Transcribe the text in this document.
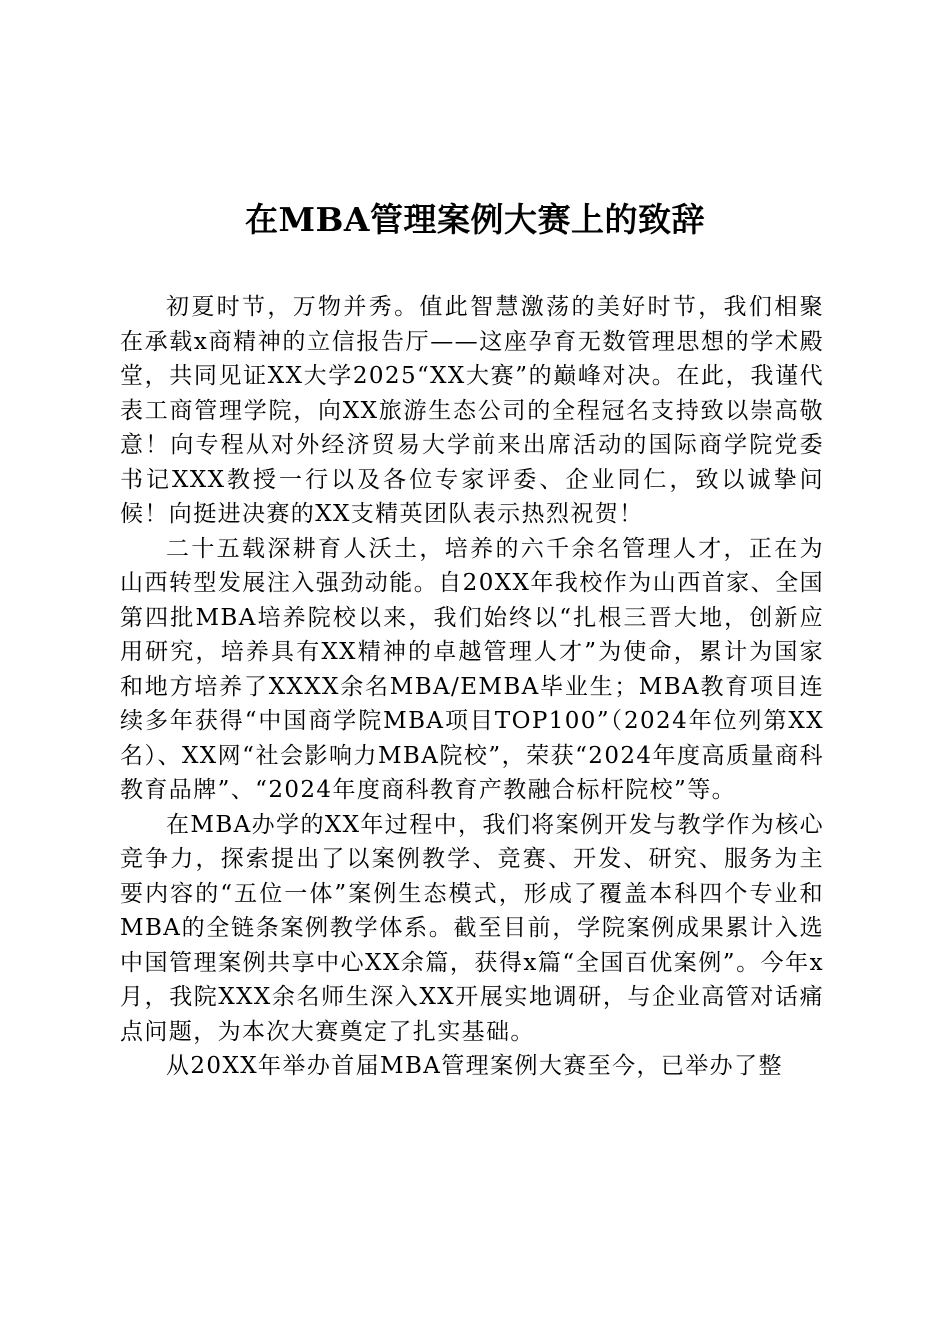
在MBA管理案例大赛上的致辞

初夏时节，万物并秀。值此智慧激荡的美好时节，我们相聚在承载x商精神的立信报告厅——这座孕育无数管理思想的学术殿堂，共同见证XX大学2025“XX大赛”的巅峰对决。在此，我谨代表工商管理学院，向XX旅游生态公司的全程冠名支持致以崇高敬意！向专程从对外经济贸易大学前来出席活动的国际商学院党委书记XXX教授一行以及各位专家评委、企业同仁，致以诚挚问候！向挺进决赛的XX支精英团队表示热烈祝贺！

二十五载深耕育人沃土，培养的六千余名管理人才，正在为山西转型发展注入强劲动能。自20XX年我校作为山西首家、全国第四批MBA培养院校以来，我们始终以“扎根三晋大地，创新应用研究，培养具有XX精神的卓越管理人才”为使命，累计为国家和地方培养了XXXX余名MBA/EMBA毕业生；MBA教育项目连续多年获得“中国商学院MBA项目TOP100”（2024年位列第XX名）、XX网“社会影响力MBA院校”，荣获“2024年度高质量商科教育品牌”、“2024年度商科教育产教融合标杆院校”等。

在MBA办学的XX年过程中，我们将案例开发与教学作为核心竞争力，探索提出了以案例教学、竞赛、开发、研究、服务为主要内容的“五位一体”案例生态模式，形成了覆盖本科四个专业和MBA的全链条案例教学体系。截至目前，学院案例成果累计入选中国管理案例共享中心XX余篇，获得x篇“全国百优案例”。今年x月，我院XXX余名师生深入XX开展实地调研，与企业高管对话痛点问题，为本次大赛奠定了扎实基础。

从20XX年举办首届MBA管理案例大赛至今，已举办了整
